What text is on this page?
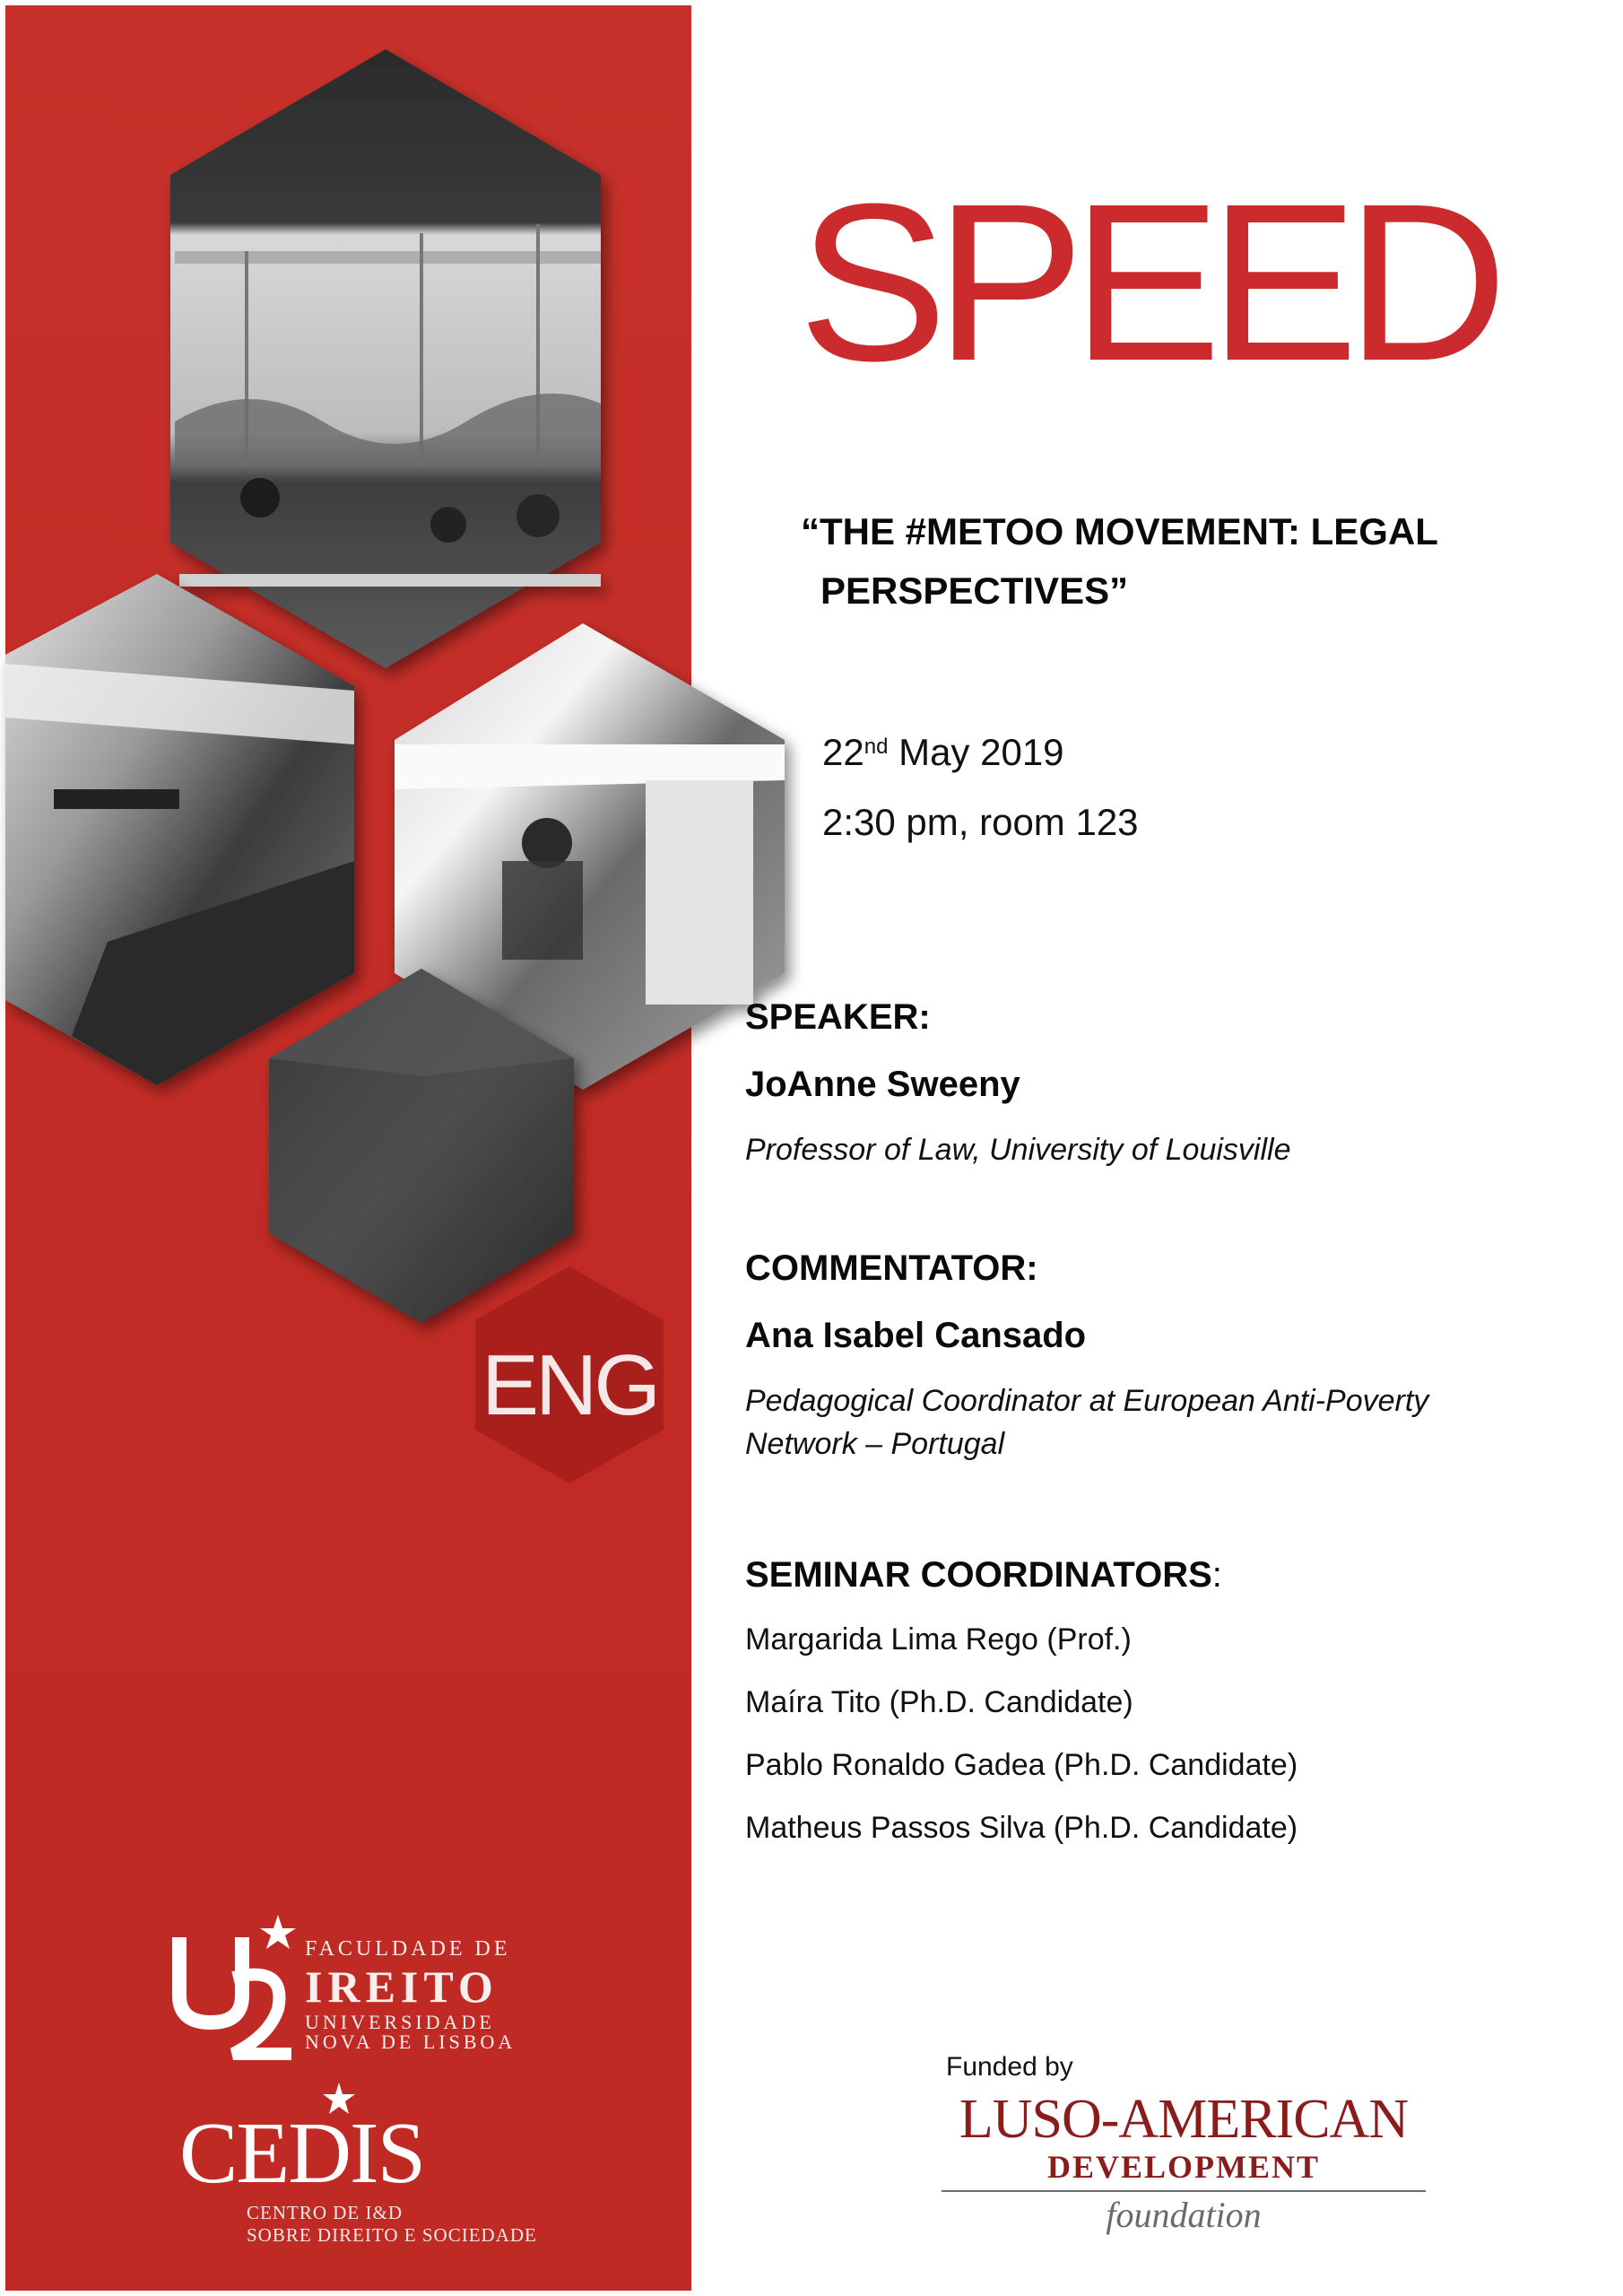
ENG
SPEED
“THE #METOO MOVEMENT: LEGAL
PERSPECTIVES”
22nd May 2019
2:30 pm, room 123
SPEAKER:
JoAnne Sweeny
Professor of Law, University of Louisville
COMMENTATOR:
Ana Isabel Cansado
Pedagogical Coordinator at European Anti-Poverty Network – Portugal
SEMINAR COORDINATORS:
Margarida Lima Rego (Prof.)
Maíra Tito (Ph.D. Candidate)
Pablo Ronaldo Gadea (Ph.D. Candidate)
Matheus Passos Silva (Ph.D. Candidate)
FACULDADE DE
IREITO
UNIVERSIDADE
NOVA DE LISBOA
CEDIS
CENTRO DE I&D
SOBRE DIREITO E SOCIEDADE
Funded by
LUSO-AMERICAN
DEVELOPMENT
foundation
